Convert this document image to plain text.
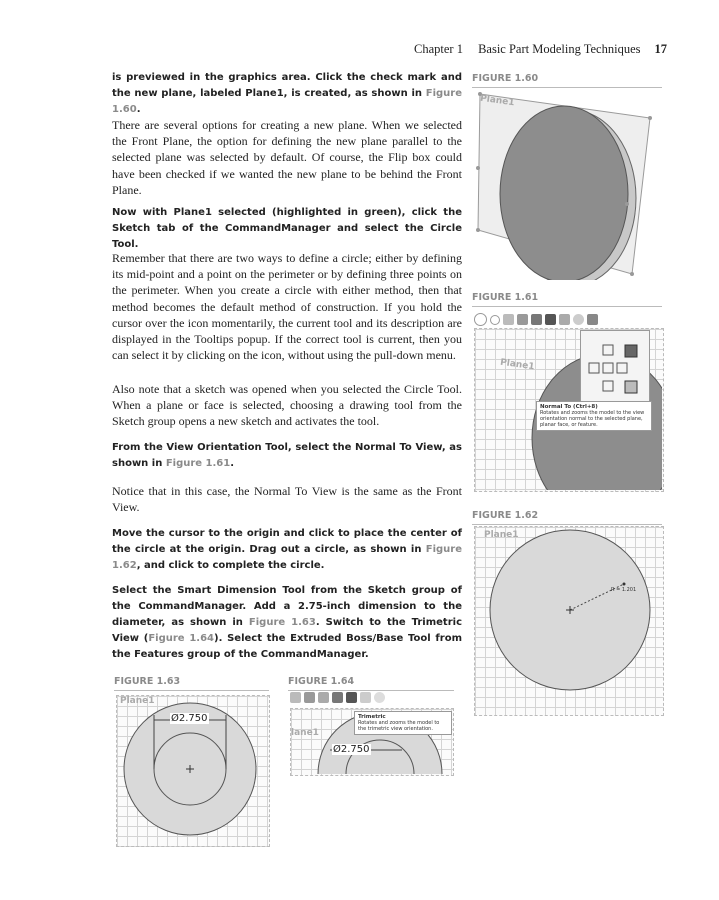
Chapter 1 Basic Part Modeling Techniques 17

is previewed in the graphics area. Click the check mark and the new plane, labeled Plane1, is created, as shown in Figure 1.60.

There are several options for creating a new plane. When we selected the Front Plane, the option for defining the new plane parallel to the selected plane was selected by default. Of course, the Flip box could have been checked if we wanted the new plane to be behind the Front Plane.

Now with Plane1 selected (highlighted in green), click the Sketch tab of the CommandManager and select the Circle Tool.

Remember that there are two ways to define a circle; either by defining its mid-point and a point on the perimeter or by defining three points on the perimeter. When you create a circle with either method, then that method becomes the default method of construction. If you hold the cursor over the icon momentarily, the current tool and its description are displayed in the Tooltips popup. If the correct tool is current, then you can select it by clicking on the icon, without using the pull-down menu.

Also note that a sketch was opened when you selected the Circle Tool. When a plane or face is selected, choosing a drawing tool from the Sketch group opens a new sketch and activates the tool.

From the View Orientation Tool, select the Normal To View, as shown in Figure 1.61.

Notice that in this case, the Normal To View is the same as the Front View.

Move the cursor to the origin and click to place the center of the circle at the origin. Drag out a circle, as shown in Figure 1.62, and click to complete the circle.

Select the Smart Dimension Tool from the Sketch group of the CommandManager. Add a 2.75-inch dimension to the diameter, as shown in Figure 1.63. Switch to the Trimetric View (Figure 1.64). Select the Extruded Boss/Base Tool from the Features group of the CommandManager.

FIGURE 1.60
Plane1
FIGURE 1.61
Plane1
Normal To (Ctrl+8)
Rotates and zooms the model to the view orientation normal to the selected plane, planar face, or feature.
FIGURE 1.62
Plane1
R = 1.201
FIGURE 1.63
Plane1
Ø2.750
FIGURE 1.64
lane1
Ø2.750
Trimetric
Rotates and zooms the model to the trimetric view orientation.
